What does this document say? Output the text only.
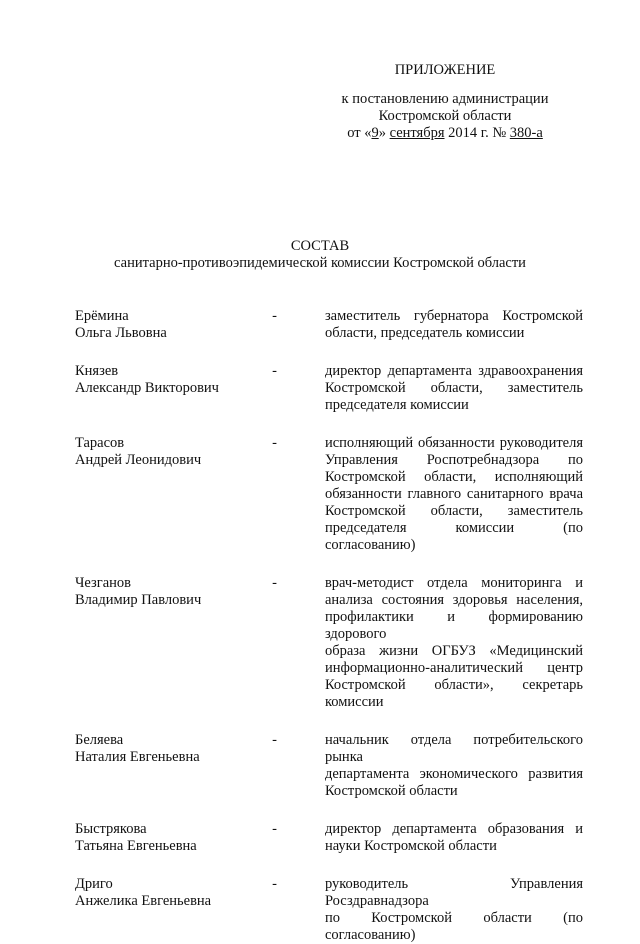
ПРИЛОЖЕНИЕ
к постановлению администрации
Костромской области
от «9» сентября 2014 г. № 380-а
СОСТАВ
санитарно-противоэпидемической комиссии Костромской области
Ерёмина
Ольга Львовна
-	заместитель губернатора Костромской
области, председатель комиссии
Князев
Александр Викторович
-	директор департамента здравоохранения
Костромской области, заместитель
председателя комиссии
Тарасов
Андрей Леонидович
-	исполняющий обязанности руководителя
Управления Роспотребнадзора по
Костромской области, исполняющий
обязанности главного санитарного врача
Костромской области, заместитель
председателя комиссии (по согласованию)
Чезганов
Владимир Павлович
-	врач-методист отдела мониторинга и
анализа состояния здоровья населения,
профилактики и формированию здорового
образа жизни ОГБУЗ «Медицинский
информационно-аналитический центр
Костромской области», секретарь комиссии
Беляева
Наталия Евгеньевна
-	начальник отдела потребительского рынка
департамента экономического развития
Костромской области
Быстрякова
Татьяна Евгеньевна
-	директор департамента образования и
науки Костромской области
Дриго
Анжелика Евгеньевна
-	руководитель Управления Росздравнадзора
по Костромской области (по согласованию)
